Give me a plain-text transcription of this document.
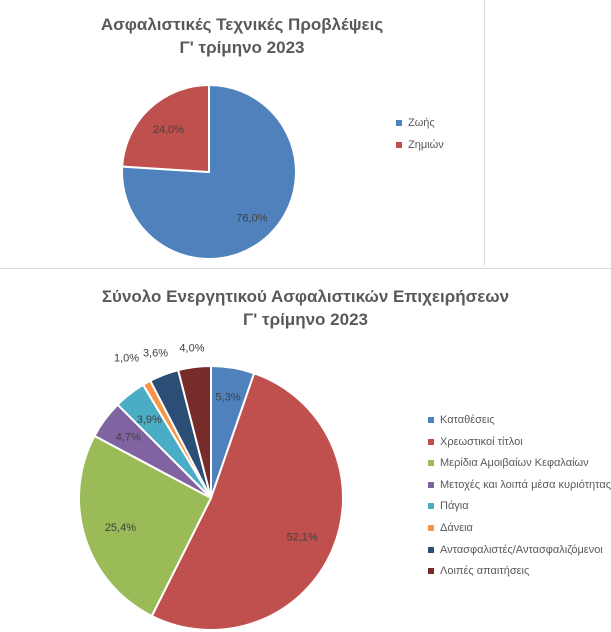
Ασφαλιστικές Τεχνικές Προβλέψεις
Γ' τρίμηνο 2023
76,0%
24,0%
Ζωής
Ζημιών
Σύνολο Ενεργητικού Ασφαλιστικών Επιχειρήσεων
Γ' τρίμηνο 2023
5,3%
52,1%
25,4%
4,7%
3,9%
1,0% 3,6% 4,0%
Καταθέσεις
Χρεωστικοί τίτλοι
Μερίδια Αμοιβαίων Κεφαλαίων
Μετοχές και λοιπά μέσα κυριότητας
Πάγια
Δάνεια
Αντασφαλιστές/Αντασφαλιζόμενοι
Λοιπές απαιτήσεις
